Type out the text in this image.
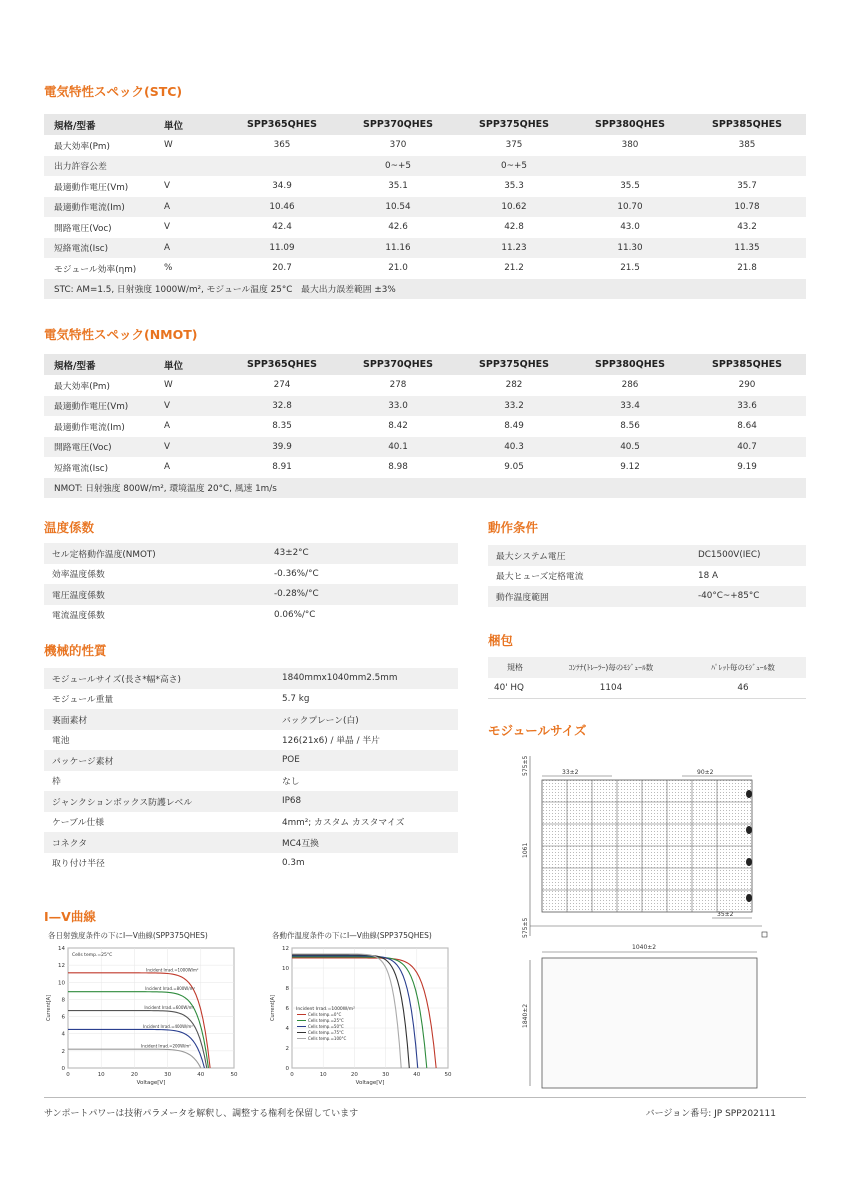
電気特性スペック(STC)
規格/型番	単位	SPP365QHES	SPP370QHES	SPP375QHES	SPP380QHES	SPP385QHES
最大効率(Pm)	W	365	370	375	380	385
出力許容公差			0~+5	0~+5		
最適動作電圧(Vm)	V	34.9	35.1	35.3	35.5	35.7
最適動作電流(Im)	A	10.46	10.54	10.62	10.70	10.78
開路電圧(Voc)	V	42.4	42.6	42.8	43.0	43.2
短絡電流(Isc)	A	11.09	11.16	11.23	11.30	11.35
モジュール効率(ηm)	%	20.7	21.0	21.2	21.5	21.8
STC: AM=1.5, 日射強度 1000W/m², モジュール温度 25°C　最大出力誤差範囲 ±3%						
電気特性スペック(NMOT)
規格/型番	単位	SPP365QHES	SPP370QHES	SPP375QHES	SPP380QHES	SPP385QHES
最大効率(Pm)	W	274	278	282	286	290
最適動作電圧(Vm)	V	32.8	33.0	33.2	33.4	33.6
最適動作電流(Im)	A	8.35	8.42	8.49	8.56	8.64
開路電圧(Voc)	V	39.9	40.1	40.3	40.5	40.7
短絡電流(Isc)	A	8.91	8.98	9.05	9.12	9.19
NMOT: 日射強度 800W/m², 環境温度 20°C, 風速 1m/s						
温度係数
セル定格動作温度(NMOT)	43±2°C
効率温度係数	-0.36%/°C
電圧温度係数	-0.28%/°C
電流温度係数	0.06%/°C
動作条件
最大システム電圧	DC1500V(IEC)
最大ヒューズ定格電流	18 A
動作温度範囲	-40°C~+85°C
機械的性質
モジュールサイズ(長さ*幅*高さ)	1840mmx1040mm2.5mm
モジュール重量	5.7 kg
裏面素材	バックプレーン(白)
電池	126(21x6) / 単晶 / 半片
パッケージ素材	POE
枠	なし
ジャンクションボックス防護レベル	IP68
ケーブル仕様	4mm²; カスタム カスタマイズ
コネクタ	MC4互換
取り付け半径	0.3m
梱包
規格	ｺﾝﾃﾅ(ﾄﾚｰﾗｰ)毎のﾓｼﾞｭｰﾙ数	ﾊﾟﾚｯﾄ毎のﾓｼﾞｭｰﾙ数
40' HQ	1104	46
モジュールサイズ
33±2	90±2
575±5
1061
35±2
575±5
1040±2
1840±2
I—V曲線
各日射強度条件の下にI—V曲線(SPP375QHES)	各動作温度条件の下にI—V曲線(SPP375QHES)
0	10	20	30	40	50
0
2
4
6
8
10
12
14
Voltage[V]
Current[A]
Cells temp.=25°C
Incident Irrad.=1000W/m²
Incident Irrad.=800W/m²
Incident Irrad.=600W/m²
Incident Irrad.=400W/m²
Incident Irrad.=200W/m²
0	10	20	30	40	50
0
2
4
6
8
10
12
Voltage[V]
Current[A]	Incident Irrad.=1000W/m²
Cells temp.=0°C
Cells temp.=25°C
Cells temp.=50°C
Cells temp.=75°C
Cells temp.=100°C
サンポートパワーは技術パラメータを解釈し、調整する権利を保留しています	バージョン番号: JP SPP202111
